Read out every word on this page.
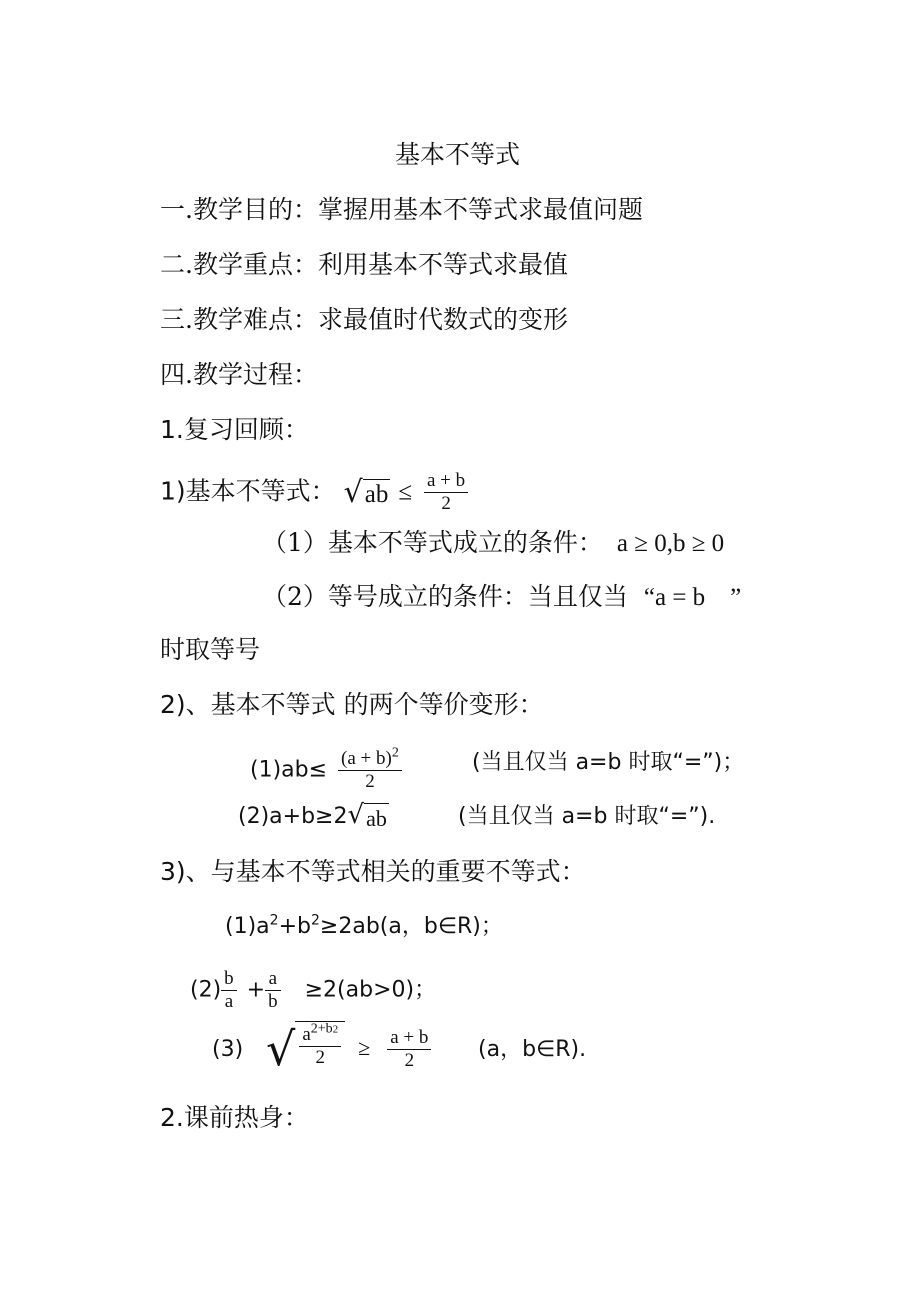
基本不等式
一.教学目的：掌握用基本不等式求最值问题
二.教学重点：利用基本不等式求最值
三.教学难点：求最值时代数式的变形
四.教学过程：
1.复习回顾：
1)基本不等式： √ ab ≤ $\frac{a + b}{2}$
（1）基本不等式成立的条件： a ≥ 0,b ≥ 0
（2）等号成立的条件：当且仅当 “a = b    ”
时取等号
2)、基本不等式 的两个等价变形：
$(1)ab\le \frac{(a + b)^2}{2}$	(当且仅当 a=b 时取“=”)；
(2)a+b≥2 √ ab	(当且仅当 a=b 时取“=”).
3)、与基本不等式相关的重要不等式：
$(1)a^2+b^2\ge 2ab(a$，b∈R)；
$(2) \frac{b}{a} + \frac{a}{b} \ge 2(ab>0)$；
(3) √ $\frac{a^{2+b2}}{2} \ge \frac{a + b}{2} (a$，b∈R).
2.课前热身：
